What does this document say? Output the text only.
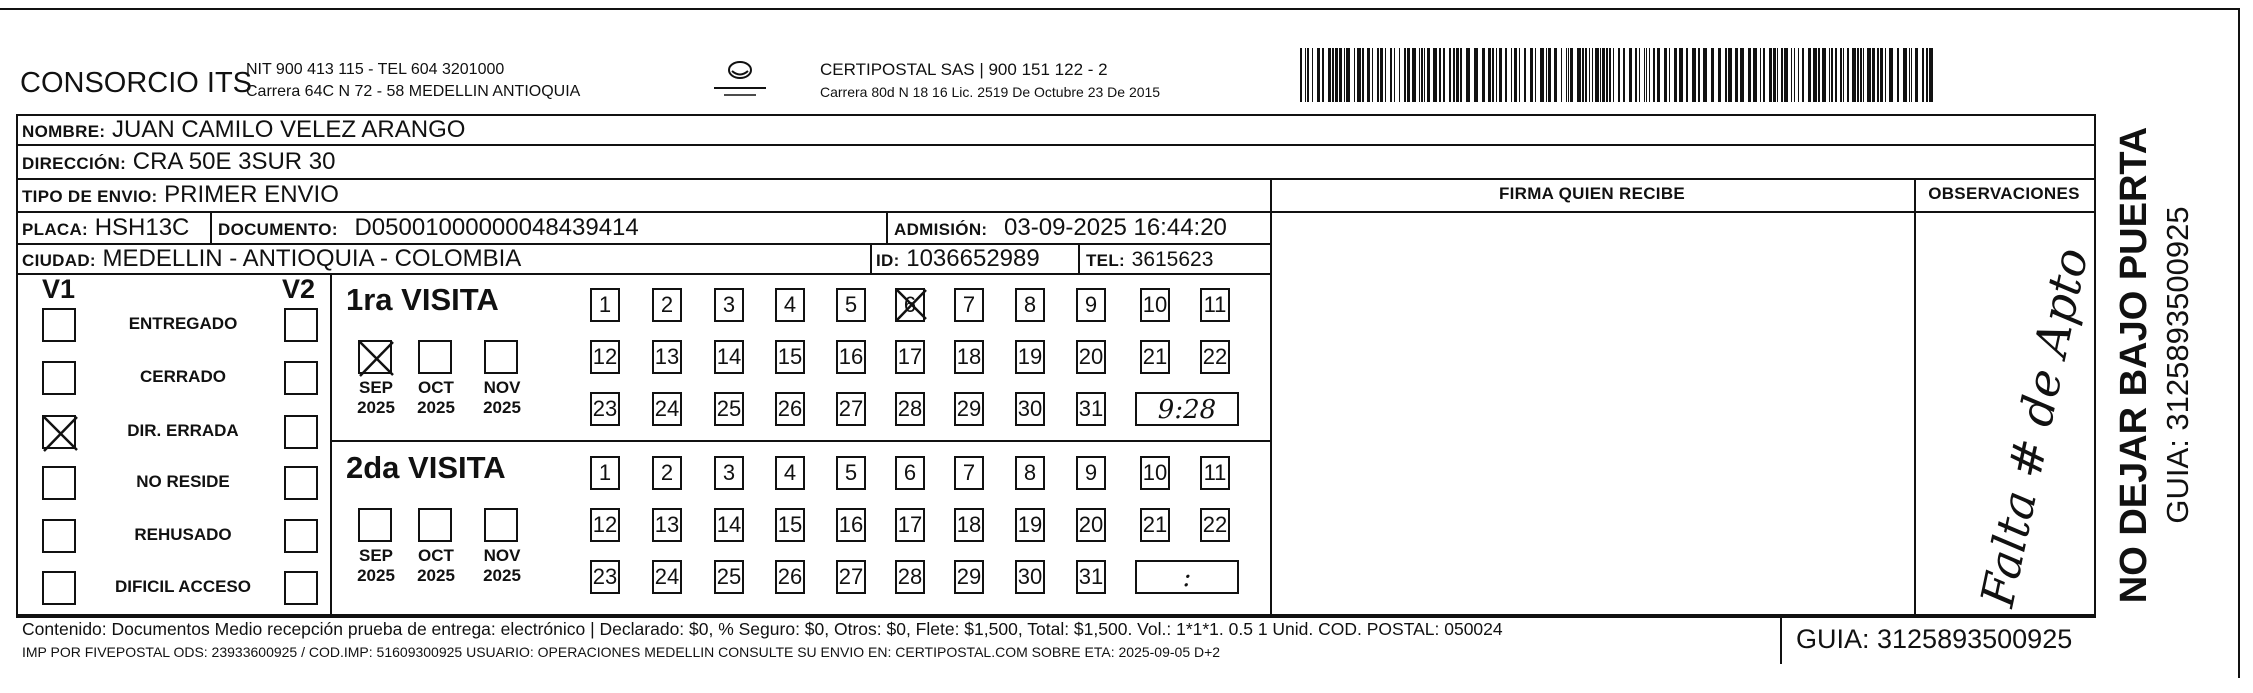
CONSORCIO ITS
NIT 900 413 115 - TEL 604 3201000
Carrera 64C N 72 - 58 MEDELLIN ANTIOQUIA
CERTIPOSTAL SAS | 900 151 122 - 2
Carrera 80d N 18 16 Lic. 2519 De Octubre 23 De 2015
NOMBRE: JUAN CAMILO VELEZ ARANGO
DIRECCIÓN: CRA 50E 3SUR 30
TIPO DE ENVIO: PRIMER ENVIO
PLACA: HSH13C DOCUMENTO: D05001000000048439414	ADMISIÓN: 03-09-2025 16:44:20
CIUDAD: MEDELLIN - ANTIOQUIA - COLOMBIA	ID: 1036652989	TEL: 3615623
FIRMA QUIEN RECIBE	OBSERVACIONES
V1	V2
ENTREGADO
CERRADO
DIR. ERRADA
NO RESIDE
REHUSADO
DIFICIL ACCESO
1ra VISITA
2da VISITA
SEP
2025
OCT
2025
NOV
2025
1	2	3	4	5	6	7	8	9	10 11
12 13 14 15 16 17 18 19 20 21 22
23 24 25 26 27 28 29 30 31	9:28
SEP
2025
OCT
2025
NOV
2025
1	2	3	4	5	6	7	8	9	10 11
12 13 14 15 16 17 18 19 20 21 22
23 24 25 26 27 28 29 30 31	:	Falta # de Apto NO DEJAR BAJO PUERTA GUIA: 3125893500925
Contenido: Documentos Medio recepción prueba de entrega: electrónico | Declarado: $0, % Seguro: $0, Otros: $0, Flete: $1,500, Total: $1,500. Vol.: 1*1*1. 0.5 1 Unid. COD. POSTAL: 050024
IMP POR FIVEPOSTAL ODS: 23933600925 / COD.IMP: 51609300925 USUARIO: OPERACIONES MEDELLIN CONSULTE SU ENVIO EN: CERTIPOSTAL.COM SOBRE ETA: 2025-09-05 D+2	GUIA: 3125893500925
